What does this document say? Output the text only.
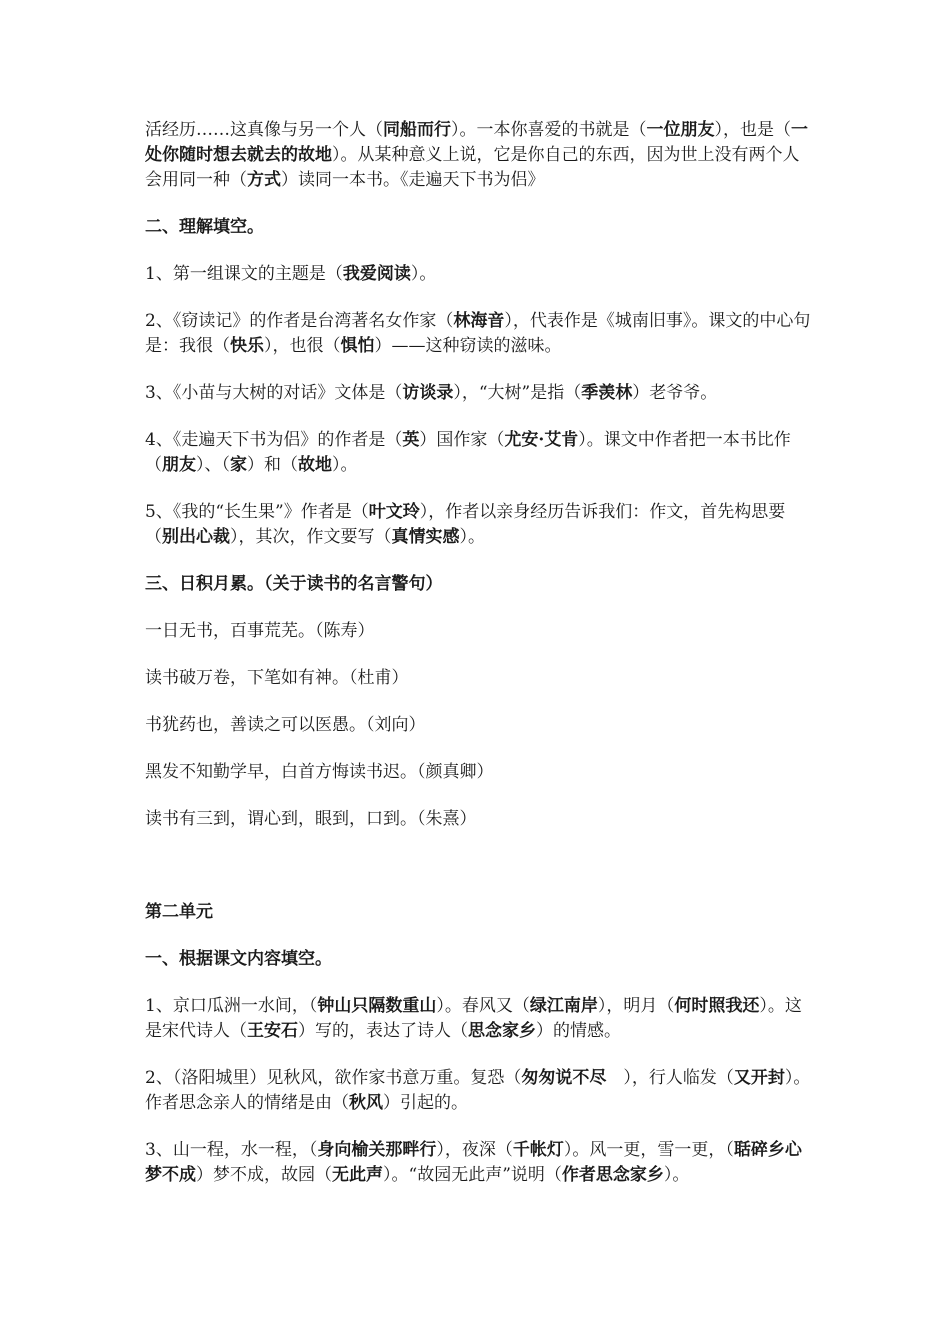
活经历……这真像与另一个人（同船而行）。一本你喜爱的书就是（一位朋友），也是（一处你随时想去就去的故地）。从某种意义上说，它是你自己的东西，因为世上没有两个人会用同一种（方式）读同一本书。《走遍天下书为侣》

二、理解填空。

1、第一组课文的主题是（我爱阅读）。

2、《窃读记》的作者是台湾著名女作家（林海音），代表作是《城南旧事》。课文的中心句是：我很（快乐），也很（惧怕）——这种窃读的滋味。

3、《小苗与大树的对话》文体是（访谈录），“大树”是指（季羡林）老爷爷。

4、《走遍天下书为侣》的作者是（英）国作家（尤安·艾肯）。课文中作者把一本书比作（朋友）、（家）和（故地）。

5、《我的“长生果”》作者是（叶文玲），作者以亲身经历告诉我们：作文，首先构思要（别出心裁），其次，作文要写（真情实感）。

三、日积月累。（关于读书的名言警句）

一日无书，百事荒芜。（陈寿）

读书破万卷，下笔如有神。（杜甫）

书犹药也，善读之可以医愚。（刘向）

黑发不知勤学早，白首方悔读书迟。（颜真卿）

读书有三到，谓心到，眼到，口到。（朱熹）

第二单元

一、根据课文内容填空。

1、京口瓜洲一水间，（钟山只隔数重山）。春风又（绿江南岸），明月（何时照我还）。这是宋代诗人（王安石）写的，表达了诗人（思念家乡）的情感。

2、（洛阳城里）见秋风，欲作家书意万重。复恐（匆匆说不尽　），行人临发（又开封）。作者思念亲人的情绪是由（秋风）引起的。

3、山一程，水一程，（身向榆关那畔行），夜深（千帐灯）。风一更，雪一更，（聒碎乡心梦不成）梦不成，故园（无此声）。“故园无此声”说明（作者思念家乡）。
